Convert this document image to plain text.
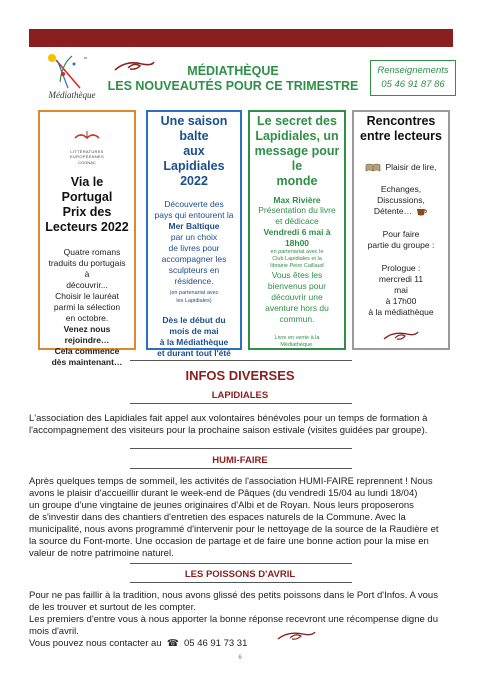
Médiathèque
MÉDIATHÈQUE
LES NOUVEAUTÉS POUR CE TRIMESTRE
Renseignements
05 46 91 87 86
LITTÉRATURES EUROPÉENNES
COGNAC
Via le Portugal
Prix des
Lecteurs 2022
Quatre romans
traduits du portugais
à
découvrir...
Choisir le lauréat
parmi la sélection
en octobre.
Venez nous
rejoindre…
Cela commence
dès maintenant…
Une saison balte
aux Lapidiales
2022
Découverte des
pays qui entourent la
Mer Baltique
par un choix
de livres pour
accompagner les
sculpteurs en
résidence.
(en partenariat avec
les Lapidiales)
Dès le début du
mois de mai
à la Médiathèque
et durant tout l'été
Le secret des
Lapidiales, un
message pour le
monde
Max Rivière
Présentation du livre
et dédicace
Vendredi 6 mai à
18h00
en partenariat avec le
Club Lapidiales et la
librairie Peiro Caillaud
Vous êtes les
bienvenus pour
découvrir une
aventure hors du
commun.
Livre en vente à la
Médiathèque.
Rencontres
entre lecteurs
Plaisir de lire,
Echanges,
Discussions,
Détente…
Pour faire
partie du groupe :
Prologue :
mercredi 11
mai
à 17h00
à la médiathèque
INFOS DIVERSES
LAPIDIALES
L'association des Lapidiales fait appel aux volontaires bénévoles pour un temps de formation à
l'accompagnement des visiteurs pour la prochaine saison estivale (visites guidées par groupe).
HUMI-FAIRE
Après quelques temps de sommeil, les activités de l'association HUMI-FAIRE reprennent ! Nous
avons le plaisir d'accueillir durant le week-end de Pâques (du vendredi 15/04 au lundi 18/04)
un groupe d'une vingtaine de jeunes originaires d'Albi et de Royan. Nous leurs proposerons
de s'investir dans des chantiers d'entretien des espaces naturels de la Commune. Avec la
municipalité, nous avons programmé d'intervenir pour le nettoyage de la source de la Raudière et
la source du Font-morte. Une occasion de partage et de faire une bonne action pour la mise en
valeur de notre patrimoine naturel.
LES POISSONS D'AVRIL
Pour ne pas faillir à la tradition, nous avons glissé des petits poissons dans le Port d'Infos. A vous
de les trouver et surtout de les compter.
Les premiers d'entre vous à nous apporter la bonne réponse recevront une récompense digne du
mois d'avril.
Vous pouvez nous contacter au  ☎  05 46 91 73 31
6
